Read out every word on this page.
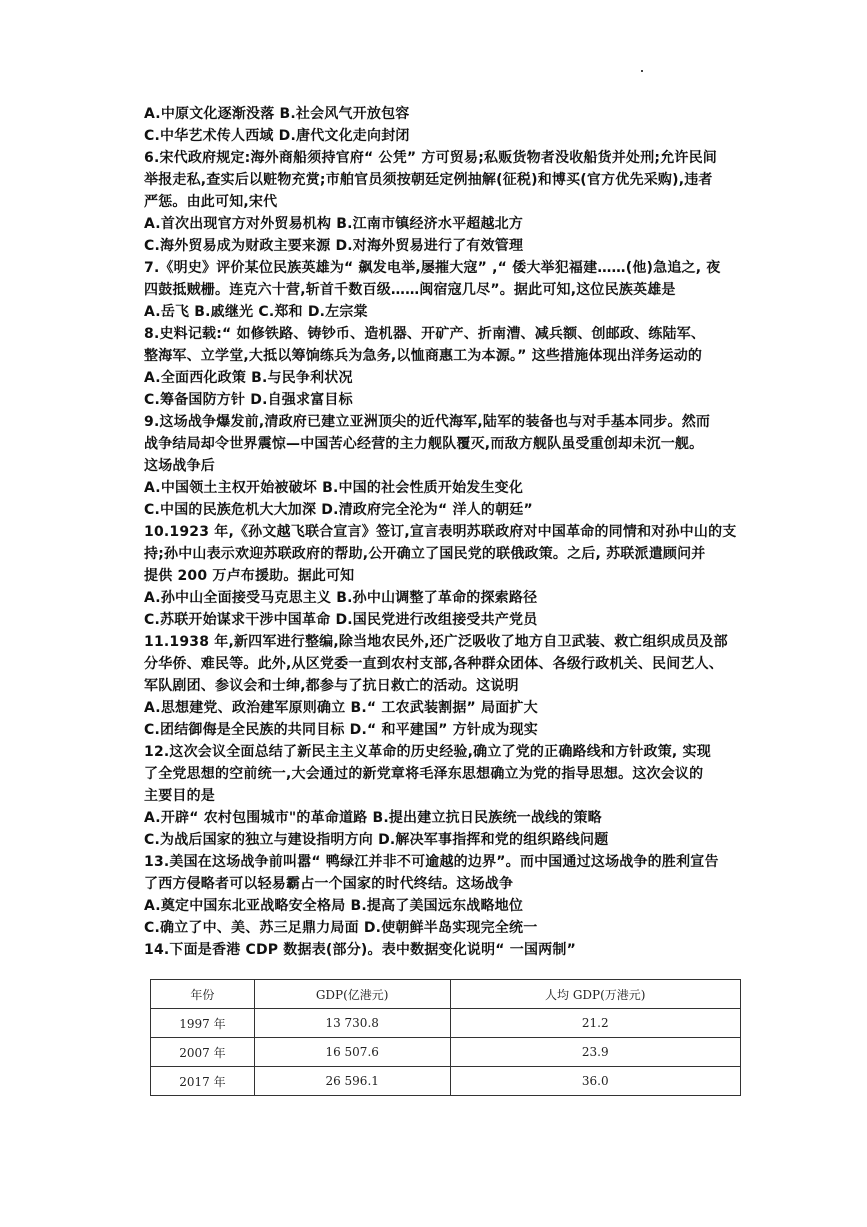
A.中原文化逐渐没落 B.社会风气开放包容
C.中华艺术传人西域 D.唐代文化走向封闭
6.宋代政府规定:海外商船须持官府“ 公凭” 方可贸易;私贩货物者没收船货并处刑;允许民间
举报走私,查实后以赃物充赏;市舶官员须按朝廷定例抽解(征税)和博买(官方优先采购),违者
严惩。由此可知,宋代
A.首次出现官方对外贸易机构 B.江南市镇经济水平超越北方
C.海外贸易成为财政主要来源 D.对海外贸易进行了有效管理
7.《明史》评价某位民族英雄为“ 飙发电举,屡摧大寇” ,“ 倭大举犯福建……(他)急追之, 夜
四鼓抵贼栅。连克六十营,斩首千数百级……闽宿寇几尽”。据此可知,这位民族英雄是
A.岳飞 B.戚继光 C.郑和 D.左宗棠
8.史料记载:“ 如修铁路、铸钞币、造机器、开矿产、折南漕、减兵额、创邮政、练陆军、
整海军、立学堂,大抵以筹饷练兵为急务,以恤商惠工为本源。” 这些措施体现出洋务运动的
A.全面西化政策 B.与民争利状况
C.筹备国防方针 D.自强求富目标
9.这场战争爆发前,清政府已建立亚洲顶尖的近代海军,陆军的装备也与对手基本同步。然而
战争结局却令世界震惊—中国苦心经营的主力舰队覆灭,而敌方舰队虽受重创却未沉一舰。
这场战争后
A.中国领土主权开始被破坏 B.中国的社会性质开始发生变化
C.中国的民族危机大大加深 D.清政府完全沦为“ 洋人的朝廷”
10.1923 年,《孙文越飞联合宣言》签订,宣言表明苏联政府对中国革命的同情和对孙中山的支
持;孙中山表示欢迎苏联政府的帮助,公开确立了国民党的联俄政策。之后, 苏联派遣顾问并
提供 200 万卢布援助。据此可知
A.孙中山全面接受马克思主义 B.孙中山调整了革命的探索路径
C.苏联开始谋求干涉中国革命 D.国民党进行改组接受共产党员
11.1938 年,新四军进行整编,除当地农民外,还广泛吸收了地方自卫武装、救亡组织成员及部
分华侨、难民等。此外,从区党委一直到农村支部,各种群众团体、各级行政机关、民间艺人、
军队剧团、参议会和士绅,都参与了抗日救亡的活动。这说明
A.思想建党、政治建军原则确立 B.“ 工农武装割据” 局面扩大
C.团结御侮是全民族的共同目标 D.“ 和平建国” 方针成为现实
12.这次会议全面总结了新民主主义革命的历史经验,确立了党的正确路线和方针政策, 实现
了全党思想的空前统一,大会通过的新党章将毛泽东思想确立为党的指导思想。这次会议的
主要目的是
A.开辟“ 农村包围城市"的革命道路 B.提出建立抗日民族统一战线的策略
C.为战后国家的独立与建设指明方向 D.解决军事指挥和党的组织路线问题
13.美国在这场战争前叫嚣“ 鸭绿江并非不可逾越的边界”。而中国通过这场战争的胜利宣告
了西方侵略者可以轻易霸占一个国家的时代终结。这场战争
A.奠定中国东北亚战略安全格局 B.提高了美国远东战略地位
C.确立了中、美、苏三足鼎力局面 D.使朝鲜半岛实现完全统一
14.下面是香港 CDP 数据表(部分)。表中数据变化说明“ 一国两制”
年份	GDP(亿港元)	人均 GDP(万港元)
1997 年	13 730.8	21.2
2007 年	16 507.6	23.9
2017 年	26 596.1	36.0
